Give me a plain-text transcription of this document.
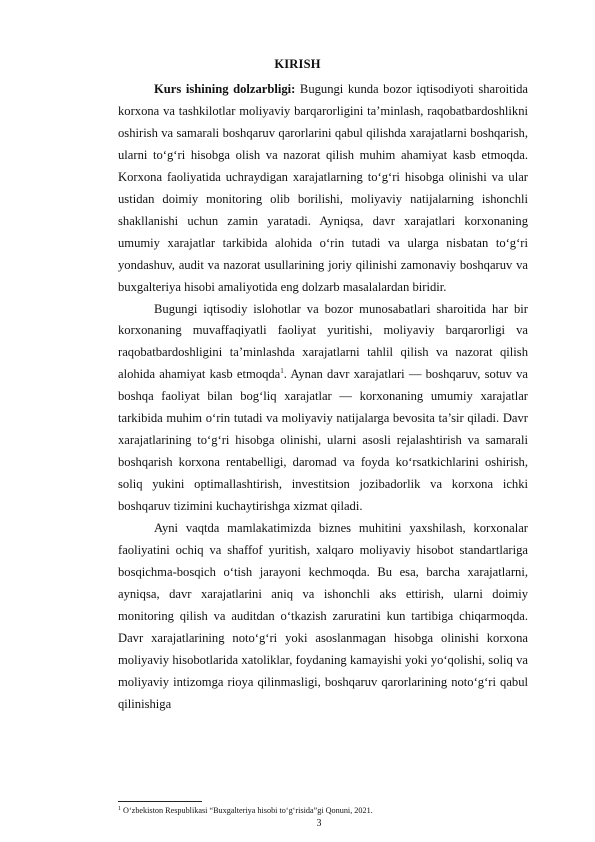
KIRISH

Kurs ishining dolzarbligi: Bugungi kunda bozor iqtisodiyoti sharoitida korxona va tashkilotlar moliyaviy barqarorligini ta’minlash, raqobatbardoshlikni oshirish va samarali boshqaruv qarorlarini qabul qilishda xarajatlarni boshqarish, ularni to‘g‘ri hisobga olish va nazorat qilish muhim ahamiyat kasb etmoqda. Korxona faoliyatida uchraydigan xarajatlarning to‘g‘ri hisobga olinishi va ular ustidan doimiy monitoring olib borilishi, moliyaviy natijalarning ishonchli shakllanishi uchun zamin yaratadi. Ayniqsa, davr xarajatlari korxonaning umumiy xarajatlar tarkibida alohida o‘rin tutadi va ularga nisbatan to‘g‘ri yondashuv, audit va nazorat usullarining joriy qilinishi zamonaviy boshqaruv va buxgalteriya hisobi amaliyotida eng dolzarb masalalardan biridir.

Bugungi iqtisodiy islohotlar va bozor munosabatlari sharoitida har bir korxonaning muvaffaqiyatli faoliyat yuritishi, moliyaviy barqarorligi va raqobatbardoshligini ta’minlashda xarajatlarni tahlil qilish va nazorat qilish alohida ahamiyat kasb etmoqda$^1$. Aynan davr xarajatlari — boshqaruv, sotuv va boshqa faoliyat bilan bog‘liq xarajatlar — korxonaning umumiy xarajatlar tarkibida muhim o‘rin tutadi va moliyaviy natijalarga bevosita ta’sir qiladi. Davr xarajatlarining to‘g‘ri hisobga olinishi, ularni asosli rejalashtirish va samarali boshqarish korxona rentabelligi, daromad va foyda ko‘rsatkichlarini oshirish, soliq yukini optimallashtirish, investitsion jozibadorlik va korxona ichki boshqaruv tizimini kuchaytirishga xizmat qiladi.

Ayni vaqtda mamlakatimizda biznes muhitini yaxshilash, korxonalar faoliyatini ochiq va shaffof yuritish, xalqaro moliyaviy hisobot standartlariga bosqichma-bosqich o‘tish jarayoni kechmoqda. Bu esa, barcha xarajatlarni, ayniqsa, davr xarajatlarini aniq va ishonchli aks ettirish, ularni doimiy monitoring qilish va auditdan o‘tkazish zaruratini kun tartibiga chiqarmoqda. Davr xarajatlarining noto‘g‘ri yoki asoslanmagan hisobga olinishi korxona moliyaviy hisobotlarida xatoliklar, foydaning kamayishi yoki yo‘qolishi, soliq va moliyaviy intizomga rioya qilinmasligi, boshqaruv qarorlarining noto‘g‘ri qabul qilinishiga

$^1$ O‘zbekiston Respublikasi “Buxgalteriya hisobi to‘g‘risida”gi Qonuni, 2021.
3
